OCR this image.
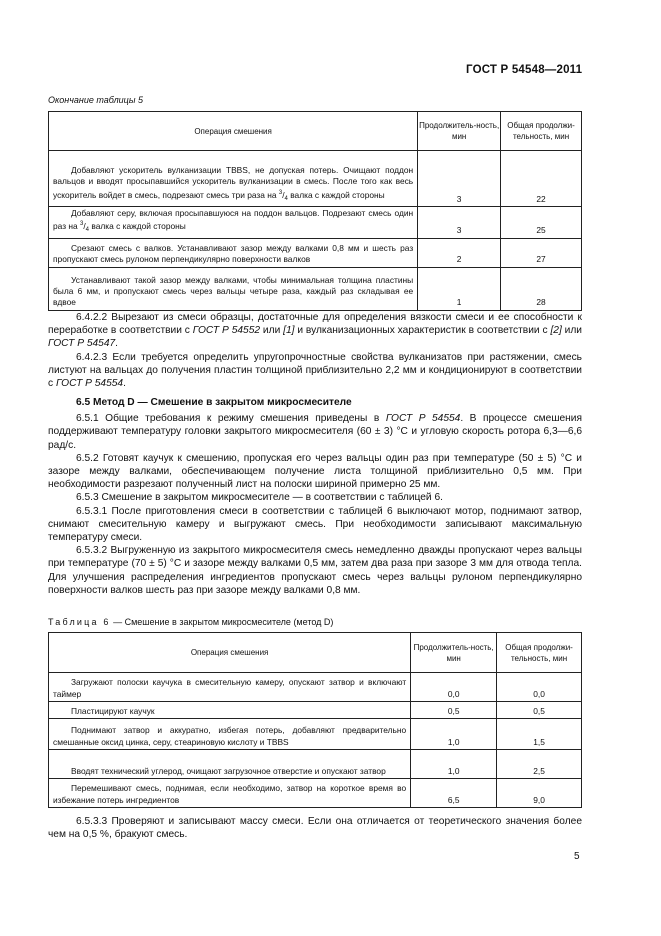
ГОСТ Р 54548—2011
Окончание таблицы 5
Операция смешения	Продолжитель-ность, мин	Общая продолжи-тельность, мин

Добавляют ускоритель вулканизации TBBS, не допуская потерь. Очищают поддон вальцов и вводят просыпавшийся ускоритель вулканизации в смесь. После того как весь ускоритель войдет в смесь, подрезают смесь три раза на $^3/_4$ валка с каждой стороны	3	22

Добавляют серу, включая просыпавшуюся на поддон вальцов. Подрезают смесь один раз на $^3/_4$ валка с каждой стороны	3	25

Срезают смесь с валков. Устанавливают зазор между валками 0,8 мм и шесть раз пропускают смесь рулоном перпендикулярно поверхности валков	2	27

Устанавливают такой зазор между валками, чтобы минимальная толщина пластины была 6 мм, и пропускают смесь через вальцы четыре раза, каждый раз складывая ее вдвое	1	28

6.4.2.2 Вырезают из смеси образцы, достаточные для определения вязкости смеси и ее способности к переработке в соответствии с ГОСТ Р 54552 или [1] и вулканизационных характеристик в соответствии с [2] или ГОСТ Р 54547.

6.4.2.3 Если требуется определить упругопрочностные свойства вулканизатов при растяжении, смесь листуют на вальцах до получения пластин толщиной приблизительно 2,2 мм и кондиционируют в соответствии с ГОСТ Р 54554.

6.5 Метод D — Смешение в закрытом микросмесителе

6.5.1 Общие требования к режиму смешения приведены в ГОСТ Р 54554. В процессе смешения поддерживают температуру головки закрытого микросмесителя (60 ± 3) °С и угловую скорость ротора 6,3—6,6 рад/с.

6.5.2 Готовят каучук к смешению, пропуская его через вальцы один раз при температуре (50 ± 5) °С и зазоре между валками, обеспечивающем получение листа толщиной приблизительно 0,5 мм. При необходимости разрезают полученный лист на полоски шириной примерно 25 мм.

6.5.3 Смешение в закрытом микросмесителе — в соответствии с таблицей 6.

6.5.3.1 После приготовления смеси в соответствии с таблицей 6 выключают мотор, поднимают затвор, снимают смесительную камеру и выгружают смесь. При необходимости записывают максимальную температуру смеси.

6.5.3.2 Выгруженную из закрытого микросмесителя смесь немедленно дважды пропускают через вальцы при температуре (70 ± 5) °С и зазоре между валками 0,5 мм, затем два раза при зазоре 3 мм для отвода тепла. Для улучшения распределения ингредиентов пропускают смесь через вальцы рулоном перпендикулярно поверхности валков шесть раз при зазоре между валками 0,8 мм.

Таблица 6 — Смешение в закрытом микросмесителе (метод D)
Операция смешения	Продолжитель-ность, мин	Общая продолжи-тельность, мин

Загружают полоски каучука в смесительную камеру, опускают затвор и включают таймер	0,0	0,0

Пластицируют каучук	0,5	0,5

Поднимают затвор и аккуратно, избегая потерь, добавляют предварительно смешанные оксид цинка, серу, стеариновую кислоту и TBBS	1,0	1,5

Вводят технический углерод, очищают загрузочное отверстие и опускают затвор	1,0	2,5

Перемешивают смесь, поднимая, если необходимо, затвор на короткое время во избежание потерь ингредиентов	6,5	9,0

6.5.3.3 Проверяют и записывают массу смеси. Если она отличается от теоретического значения более чем на 0,5 %, бракуют смесь.

5
